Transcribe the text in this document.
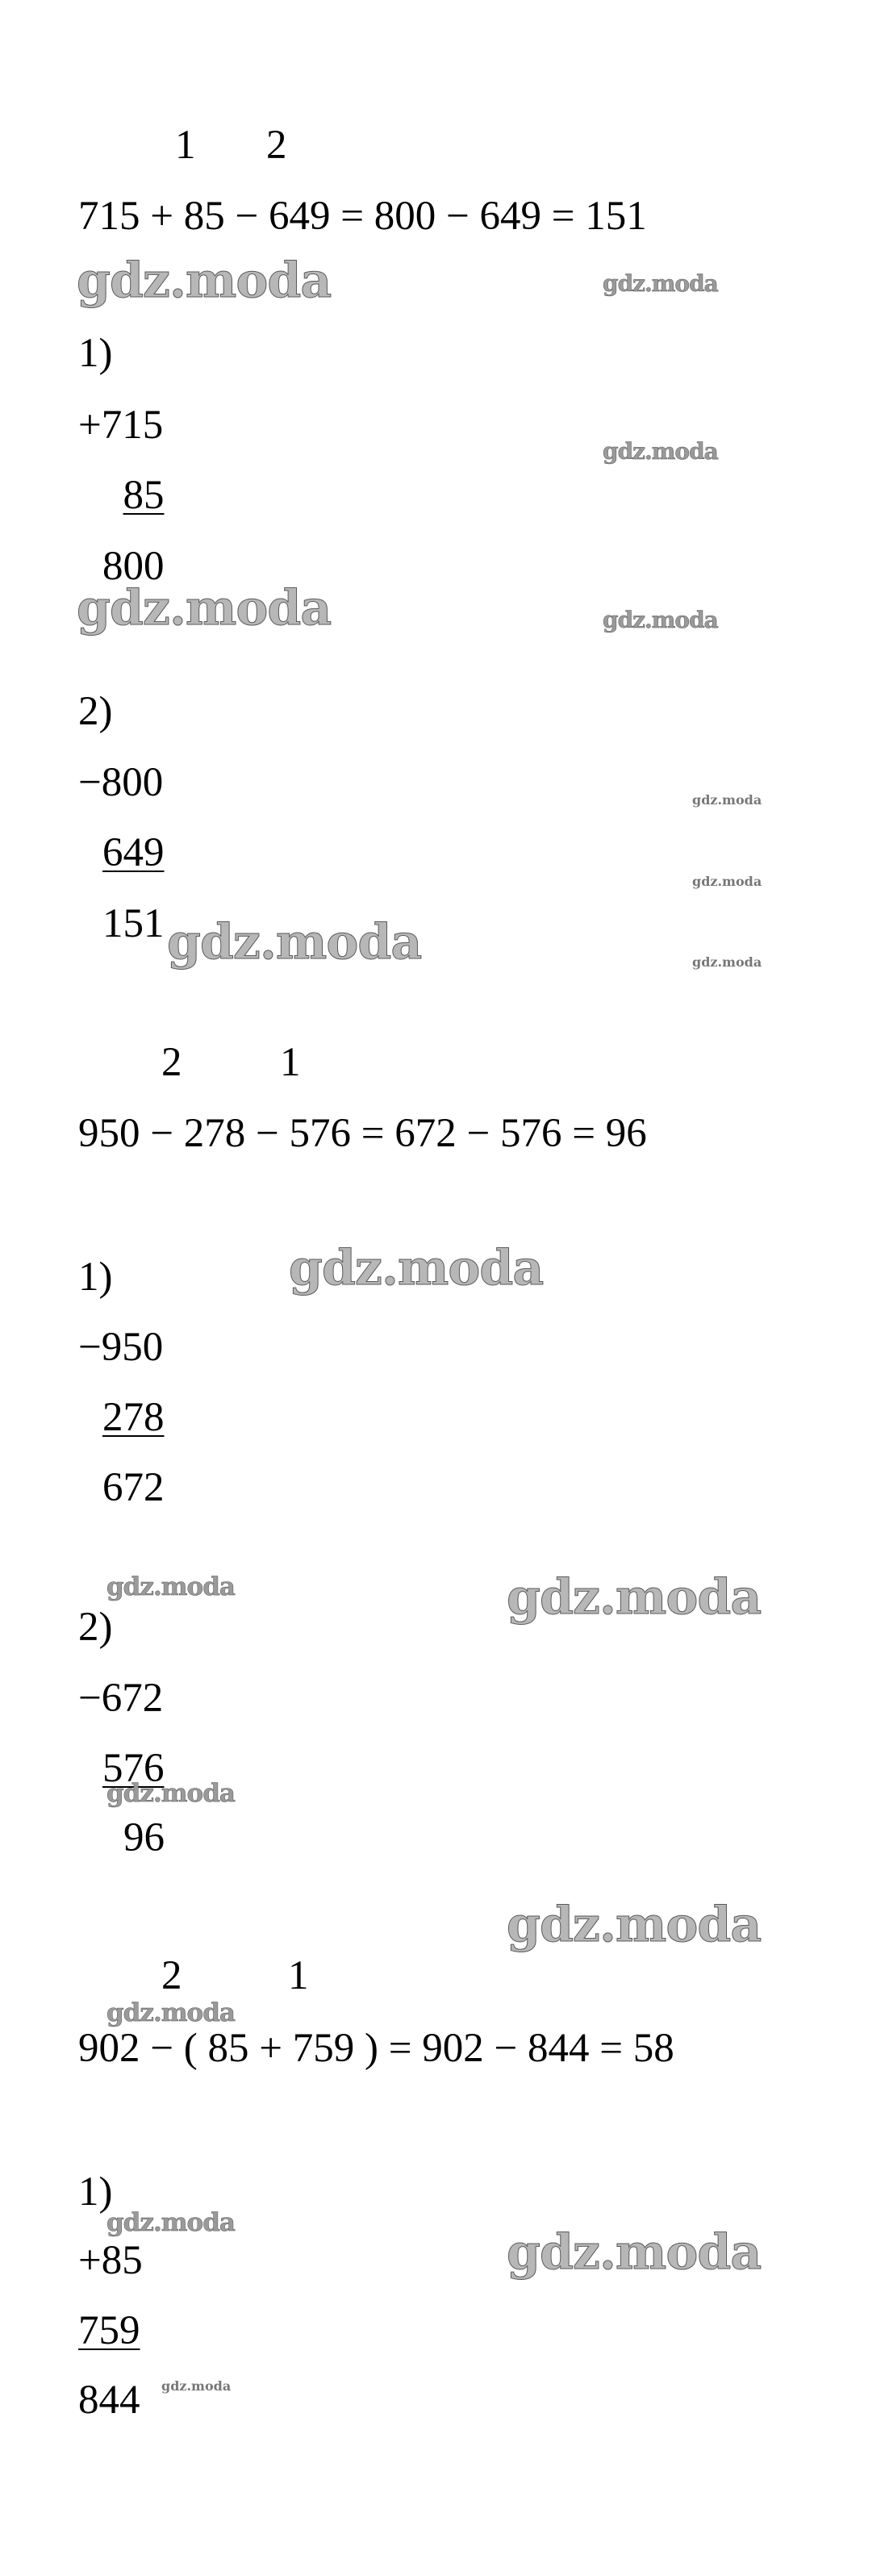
1 2
715 + 85 − 649 = 800 − 649 = 151
1)
+715
85
800
2)
−800
649
151
2 1
950 − 278 − 576 = 672 − 576 = 96
1)
−950
278
672
2)
−672
576
96
2	1
902 − ( 85 + 759 ) = 902 − 844 = 58
1)
+85
759
844
gdz.moda	gdz.moda
gdz.moda
gdz.moda	gdz.moda
gdz.moda
gdz.moda
gdz.moda	gdz.moda
gdz.moda
gdz.moda	gdz.moda
gdz.moda
gdz.moda
gdz.moda
gdz.moda
gdz.moda
gdz.moda
